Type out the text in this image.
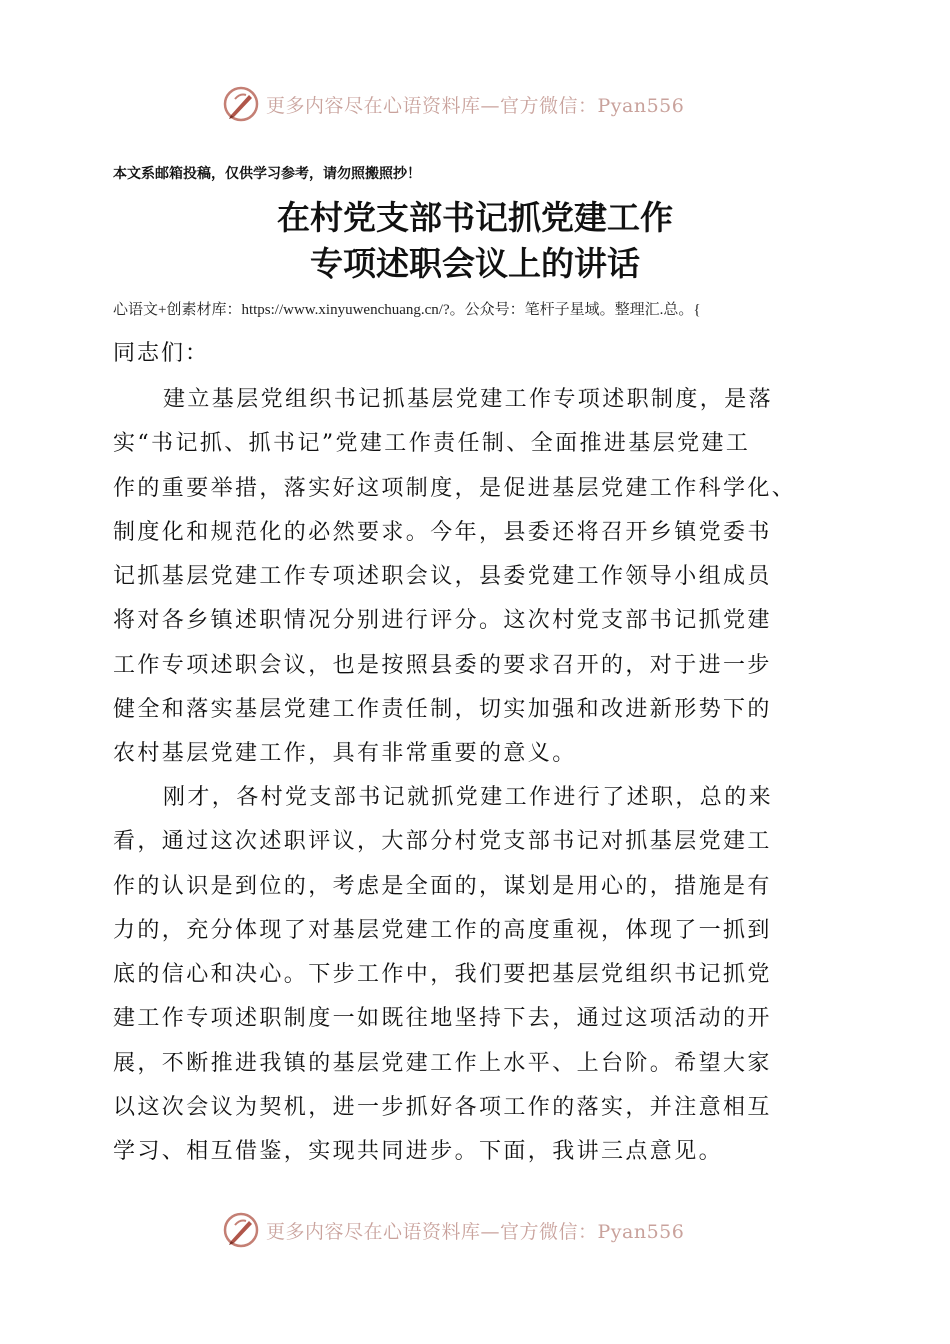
更多内容尽在心语资料库—官方微信：Pyan556
本文系邮箱投稿，仅供学习参考，请勿照搬照抄！
在村党支部书记抓党建工作
专项述职会议上的讲话
心语文+创素材库：https://www.xinyuwenchuang.cn/?。公众号：笔杆子星域。整理汇.总。{
同志们：
建立基层党组织书记抓基层党建工作专项述职制度，是落
实“书记抓、抓书记”党建工作责任制、全面推进基层党建工
作的重要举措，落实好这项制度，是促进基层党建工作科学化、
制度化和规范化的必然要求。今年，县委还将召开乡镇党委书
记抓基层党建工作专项述职会议，县委党建工作领导小组成员
将对各乡镇述职情况分别进行评分。这次村党支部书记抓党建
工作专项述职会议，也是按照县委的要求召开的，对于进一步
健全和落实基层党建工作责任制，切实加强和改进新形势下的
农村基层党建工作，具有非常重要的意义。
刚才，各村党支部书记就抓党建工作进行了述职，总的来
看，通过这次述职评议，大部分村党支部书记对抓基层党建工
作的认识是到位的，考虑是全面的，谋划是用心的，措施是有
力的，充分体现了对基层党建工作的高度重视，体现了一抓到
底的信心和决心。下步工作中，我们要把基层党组织书记抓党
建工作专项述职制度一如既往地坚持下去，通过这项活动的开
展，不断推进我镇的基层党建工作上水平、上台阶。希望大家
以这次会议为契机，进一步抓好各项工作的落实，并注意相互
学习、相互借鉴，实现共同进步。下面，我讲三点意见。
更多内容尽在心语资料库—官方微信：Pyan556
